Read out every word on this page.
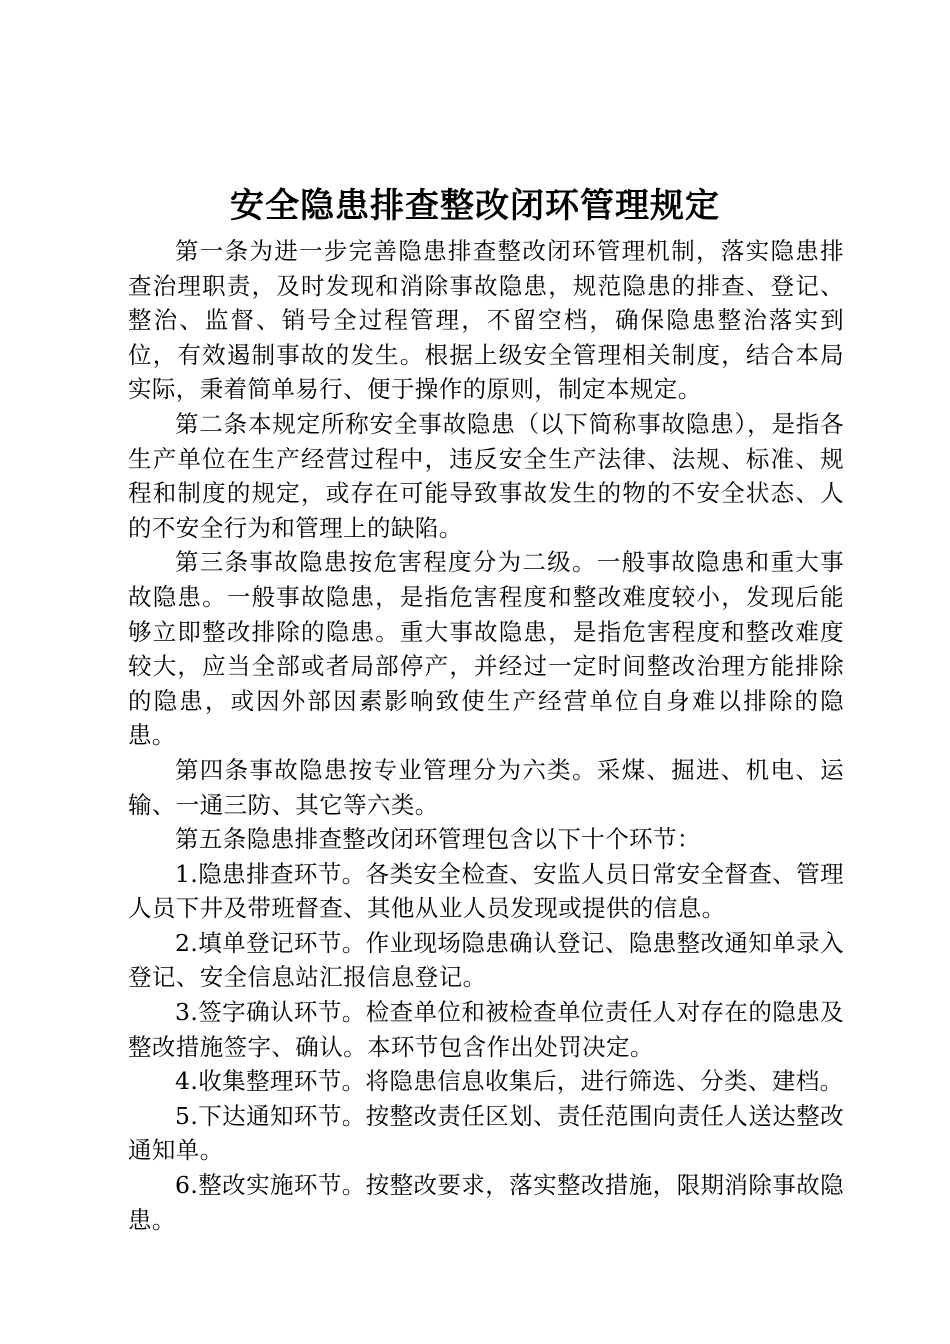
安全隐患排查整改闭环管理规定

第一条为进一步完善隐患排查整改闭环管理机制，落实隐患排查治理职责，及时发现和消除事故隐患，规范隐患的排查、登记、整治、监督、销号全过程管理，不留空档，确保隐患整治落实到位，有效遏制事故的发生。根据上级安全管理相关制度，结合本局实际，秉着简单易行、便于操作的原则，制定本规定。

第二条本规定所称安全事故隐患（以下简称事故隐患），是指各生产单位在生产经营过程中，违反安全生产法律、法规、标准、规程和制度的规定，或存在可能导致事故发生的物的不安全状态、人的不安全行为和管理上的缺陷。

第三条事故隐患按危害程度分为二级。一般事故隐患和重大事故隐患。一般事故隐患，是指危害程度和整改难度较小，发现后能够立即整改排除的隐患。重大事故隐患，是指危害程度和整改难度较大，应当全部或者局部停产，并经过一定时间整改治理方能排除的隐患，或因外部因素影响致使生产经营单位自身难以排除的隐患。

第四条事故隐患按专业管理分为六类。采煤、掘进、机电、运输、一通三防、其它等六类。

第五条隐患排查整改闭环管理包含以下十个环节：

1.隐患排查环节。各类安全检查、安监人员日常安全督查、管理人员下井及带班督查、其他从业人员发现或提供的信息。

2.填单登记环节。作业现场隐患确认登记、隐患整改通知单录入登记、安全信息站汇报信息登记。

3.签字确认环节。检查单位和被检查单位责任人对存在的隐患及整改措施签字、确认。本环节包含作出处罚决定。

4.收集整理环节。将隐患信息收集后，进行筛选、分类、建档。

5.下达通知环节。按整改责任区划、责任范围向责任人送达整改通知单。

6.整改实施环节。按整改要求，落实整改措施，限期消除事故隐患。
